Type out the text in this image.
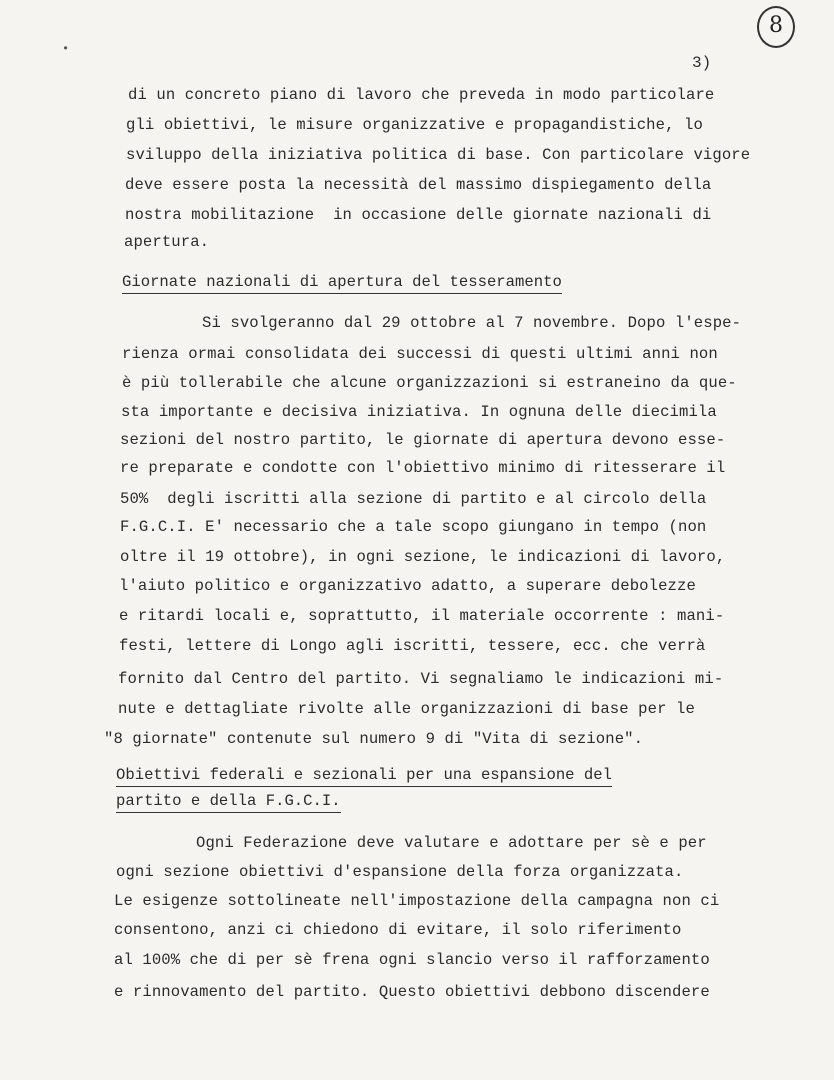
8
•
3)
di un concreto piano di lavoro che preveda in modo particolare
gli obiettivi, le misure organizzative e propagandistiche, lo
sviluppo della iniziativa politica di base. Con particolare vigore
deve essere posta la necessità del massimo dispiegamento della
nostra mobilitazione  in occasione delle giornate nazionali di
apertura.
Giornate nazionali di apertura del tesseramento
Si svolgeranno dal 29 ottobre al 7 novembre. Dopo l'espe-
rienza ormai consolidata dei successi di questi ultimi anni non
è più tollerabile che alcune organizzazioni si estraneino da que-
sta importante e decisiva iniziativa. In ognuna delle diecimila
sezioni del nostro partito, le giornate di apertura devono esse-
re preparate e condotte con l'obiettivo minimo di ritesserare il
50%  degli iscritti alla sezione di partito e al circolo della
F.G.C.I. E' necessario che a tale scopo giungano in tempo (non
oltre il 19 ottobre), in ogni sezione, le indicazioni di lavoro,
l'aiuto politico e organizzativo adatto, a superare debolezze
e ritardi locali e, soprattutto, il materiale occorrente : mani-
festi, lettere di Longo agli iscritti, tessere, ecc. che verrà
fornito dal Centro del partito. Vi segnaliamo le indicazioni mi-
nute e dettagliate rivolte alle organizzazioni di base per le
"8 giornate" contenute sul numero 9 di "Vita di sezione".
Obiettivi federali e sezionali per una espansione del
partito e della F.G.C.I.
Ogni Federazione deve valutare e adottare per sè e per
ogni sezione obiettivi d'espansione della forza organizzata.
Le esigenze sottolineate nell'impostazione della campagna non ci
consentono, anzi ci chiedono di evitare, il solo riferimento
al 100% che di per sè frena ogni slancio verso il rafforzamento
e rinnovamento del partito. Questo obiettivi debbono discendere
